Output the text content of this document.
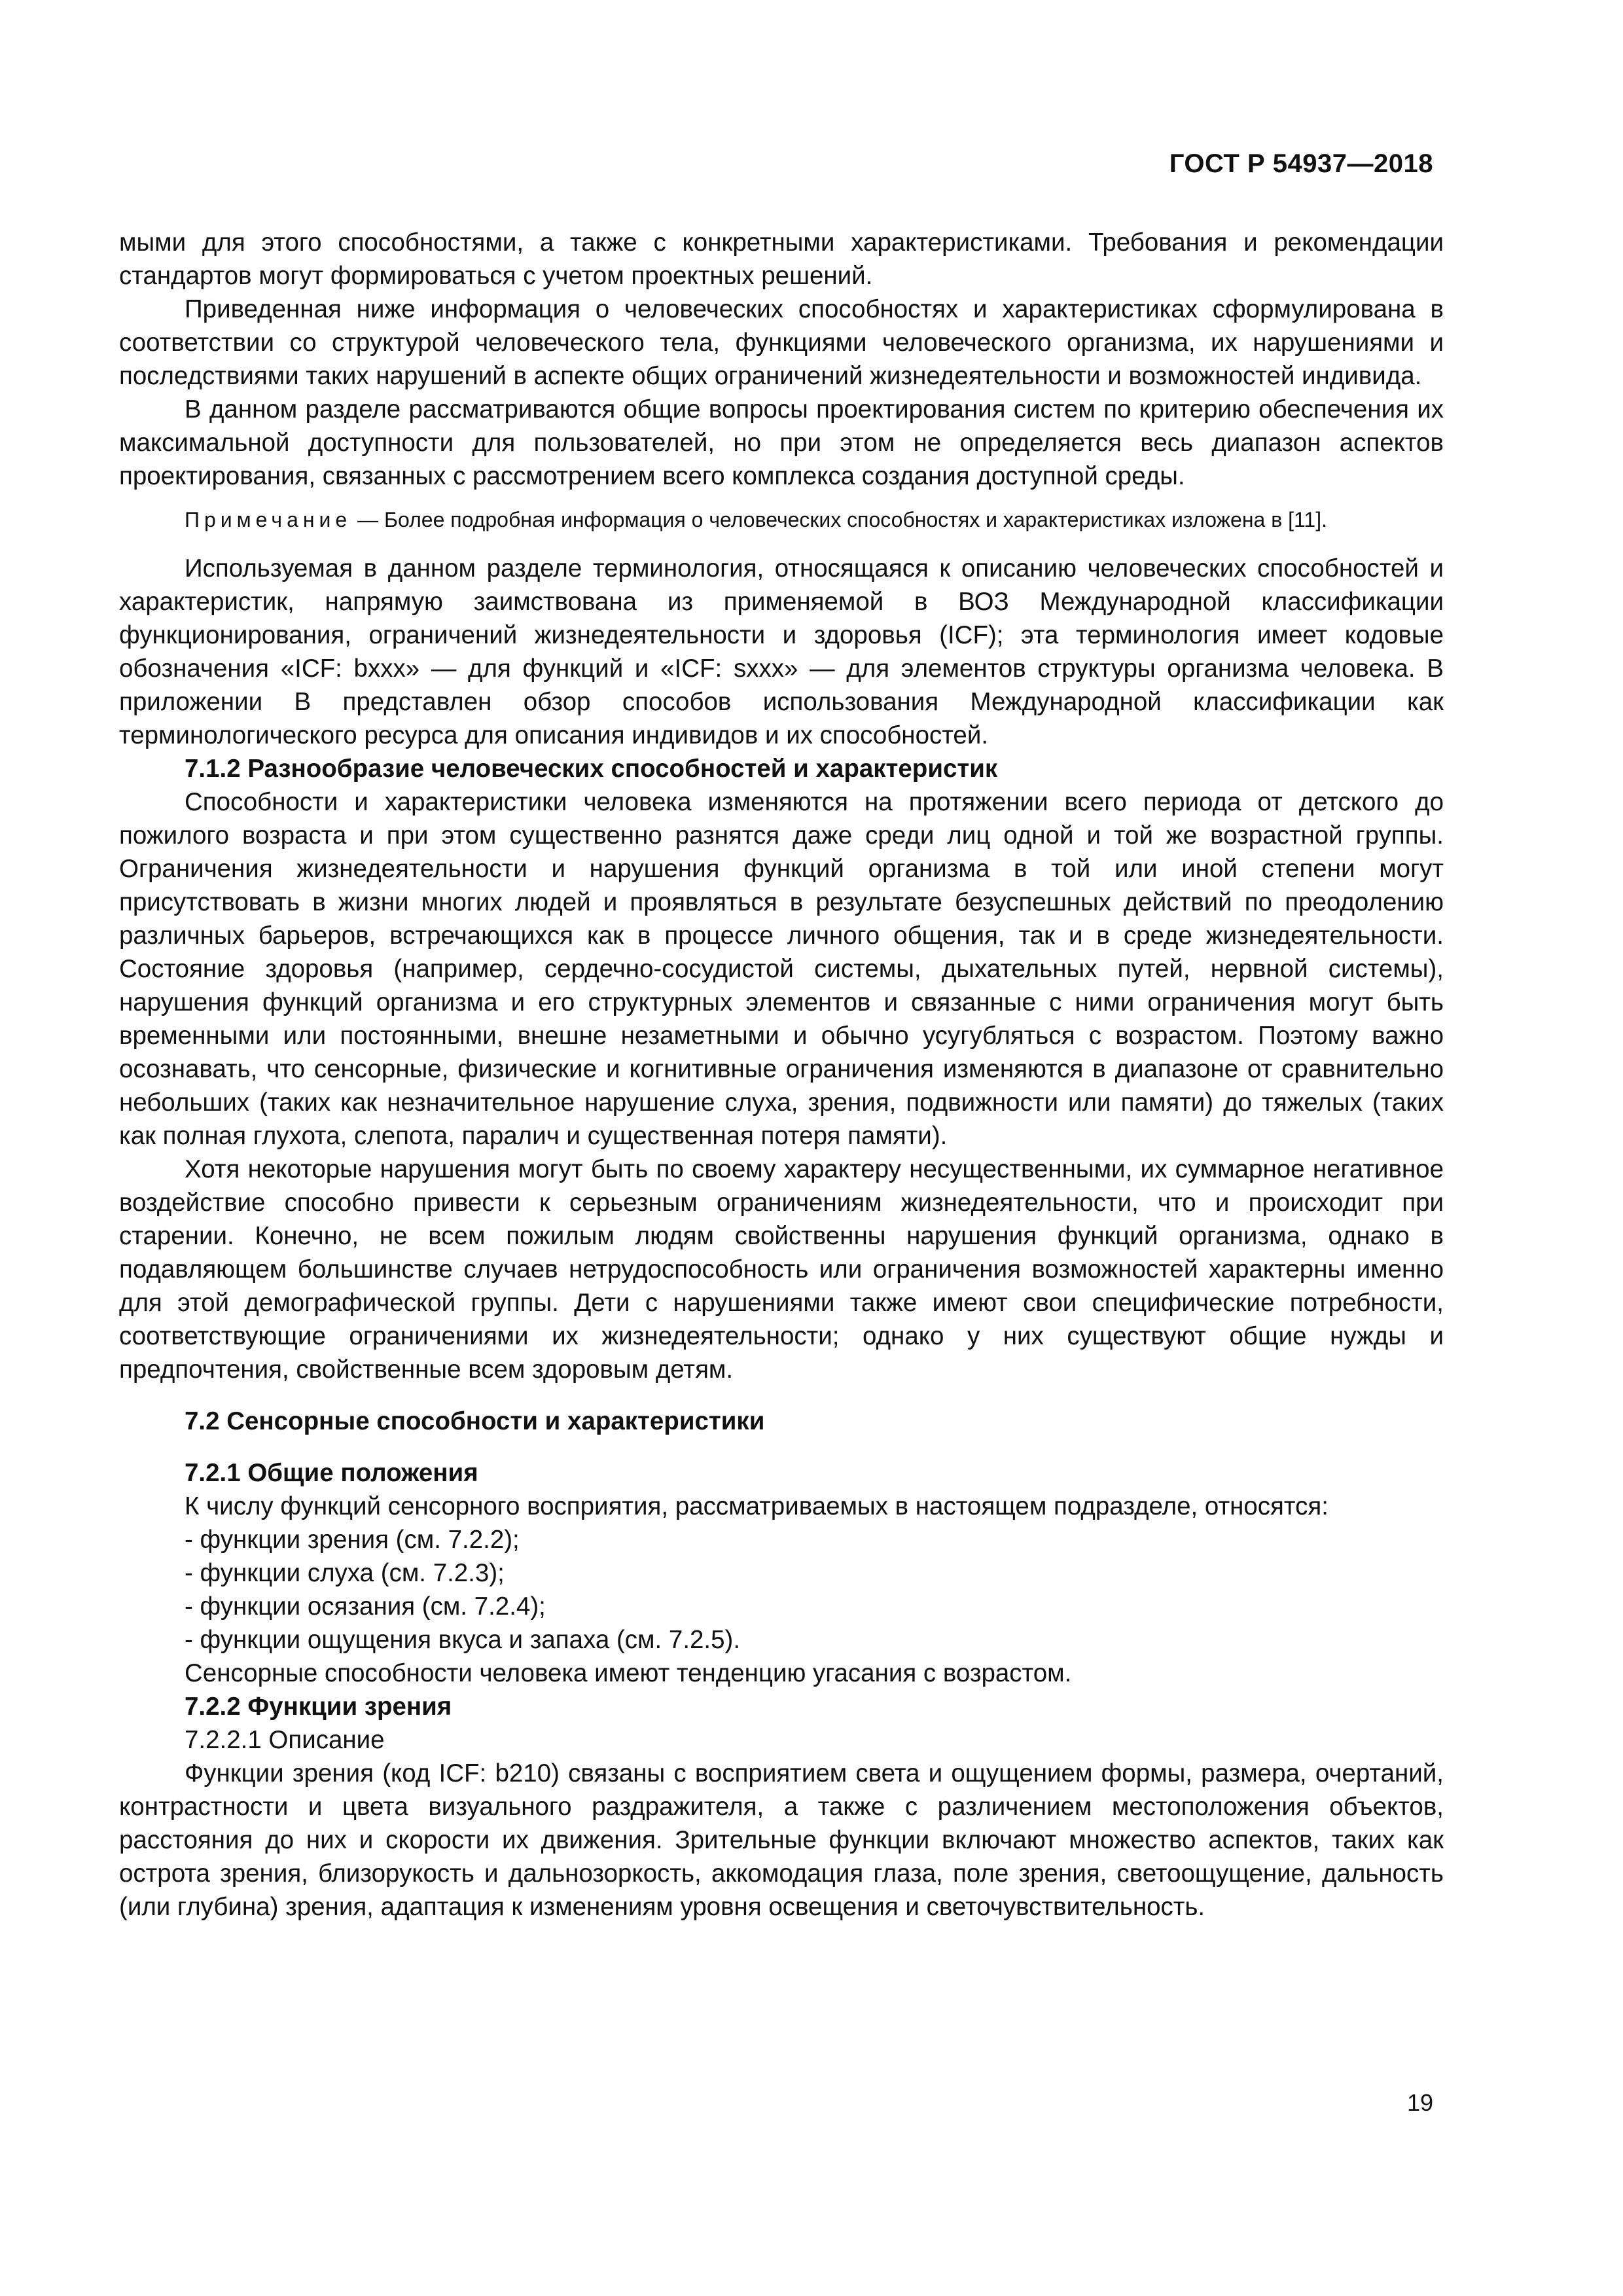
ГОСТ Р 54937—2018

мыми для этого способностями, а также с конкретными характеристиками. Требования и рекомендации стандартов могут формироваться с учетом проектных решений.

Приведенная ниже информация о человеческих способностях и характеристиках сформулирована в соответствии со структурой человеческого тела, функциями человеческого организма, их нарушениями и последствиями таких нарушений в аспекте общих ограничений жизнедеятельности и возможностей индивида.

В данном разделе рассматриваются общие вопросы проектирования систем по критерию обеспечения их максимальной доступности для пользователей, но при этом не определяется весь диапазон аспектов проектирования, связанных с рассмотрением всего комплекса создания доступной среды.

Примечание — Более подробная информация о человеческих способностях и характеристиках изложена в [11].

Используемая в данном разделе терминология, относящаяся к описанию человеческих способностей и характеристик, напрямую заимствована из применяемой в ВОЗ Международной классификации функционирования, ограничений жизнедеятельности и здоровья (ICF); эта терминология имеет кодовые обозначения «ICF: bxxx» — для функций и «ICF: sxxx» — для элементов структуры организма человека. В приложении В представлен обзор способов использования Международной классификации как терминологического ресурса для описания индивидов и их способностей.

7.1.2 Разнообразие человеческих способностей и характеристик

Способности и характеристики человека изменяются на протяжении всего периода от детского до пожилого возраста и при этом существенно разнятся даже среди лиц одной и той же возрастной группы. Ограничения жизнедеятельности и нарушения функций организма в той или иной степени могут присутствовать в жизни многих людей и проявляться в результате безуспешных действий по преодолению различных барьеров, встречающихся как в процессе личного общения, так и в среде жизнедеятельности. Состояние здоровья (например, сердечно-сосудистой системы, дыхательных путей, нервной системы), нарушения функций организма и его структурных элементов и связанные с ними ограничения могут быть временными или постоянными, внешне незаметными и обычно усугубляться с возрастом. Поэтому важно осознавать, что сенсорные, физические и когнитивные ограничения изменяются в диапазоне от сравнительно небольших (таких как незначительное нарушение слуха, зрения, подвижности или памяти) до тяжелых (таких как полная глухота, слепота, паралич и существенная потеря памяти).

Хотя некоторые нарушения могут быть по своему характеру несущественными, их суммарное негативное воздействие способно привести к серьезным ограничениям жизнедеятельности, что и происходит при старении. Конечно, не всем пожилым людям свойственны нарушения функций организма, однако в подавляющем большинстве случаев нетрудоспособность или ограничения возможностей характерны именно для этой демографической группы. Дети с нарушениями также имеют свои специфические потребности, соответствующие ограничениями их жизнедеятельности; однако у них существуют общие нужды и предпочтения, свойственные всем здоровым детям.

7.2 Сенсорные способности и характеристики

7.2.1 Общие положения

К числу функций сенсорного восприятия, рассматриваемых в настоящем подразделе, относятся:

- функции зрения (см. 7.2.2);

- функции слуха (см. 7.2.3);

- функции осязания (см. 7.2.4);

- функции ощущения вкуса и запаха (см. 7.2.5).

Сенсорные способности человека имеют тенденцию угасания с возрастом.

7.2.2 Функции зрения

7.2.2.1 Описание

Функции зрения (код ICF: b210) связаны с восприятием света и ощущением формы, размера, очертаний, контрастности и цвета визуального раздражителя, а также с различением местоположения объектов, расстояния до них и скорости их движения. Зрительные функции включают множество аспектов, таких как острота зрения, близорукость и дальнозоркость, аккомодация глаза, поле зрения, светоощущение, дальность (или глубина) зрения, адаптация к изменениям уровня освещения и светочувствительность.

19
